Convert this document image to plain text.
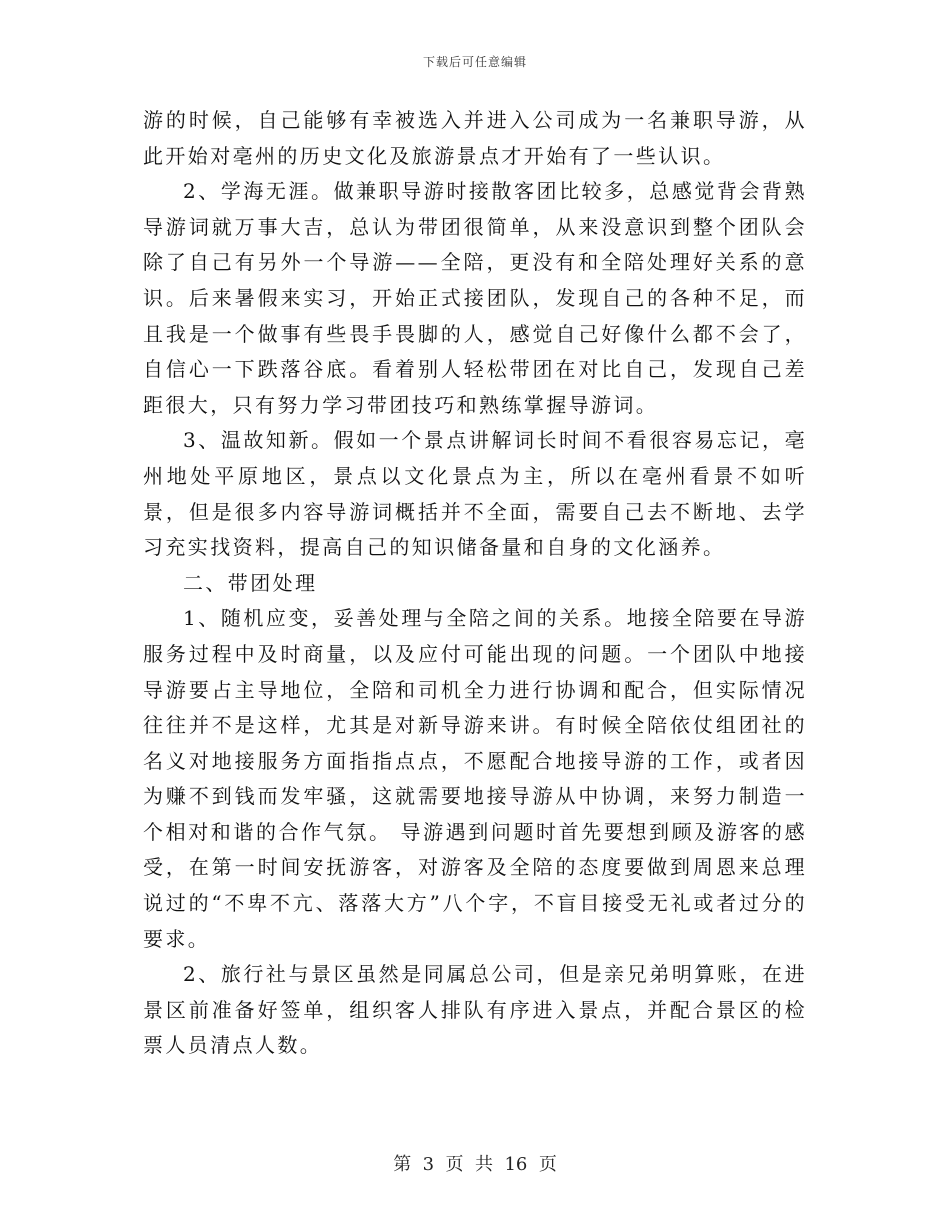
下载后可任意编辑

游的时候，自己能够有幸被选入并进入公司成为一名兼职导游，从此开始对亳州的历史文化及旅游景点才开始有了一些认识。

2、学海无涯。做兼职导游时接散客团比较多，总感觉背会背熟导游词就万事大吉，总认为带团很简单，从来没意识到整个团队会除了自己有另外一个导游——全陪，更没有和全陪处理好关系的意识。后来暑假来实习，开始正式接团队，发现自己的各种不足，而且我是一个做事有些畏手畏脚的人，感觉自己好像什么都不会了，自信心一下跌落谷底。看着别人轻松带团在对比自己，发现自己差距很大，只有努力学习带团技巧和熟练掌握导游词。

3、温故知新。假如一个景点讲解词长时间不看很容易忘记，亳州地处平原地区，景点以文化景点为主，所以在亳州看景不如听景，但是很多内容导游词概括并不全面，需要自己去不断地、去学习充实找资料，提高自己的知识储备量和自身的文化涵养。

二、带团处理

1、随机应变，妥善处理与全陪之间的关系。地接全陪要在导游服务过程中及时商量，以及应付可能出现的问题。一个团队中地接导游要占主导地位，全陪和司机全力进行协调和配合，但实际情况往往并不是这样，尤其是对新导游来讲。有时候全陪依仗组团社的名义对地接服务方面指指点点，不愿配合地接导游的工作，或者因为赚不到钱而发牢骚，这就需要地接导游从中协调，来努力制造一个相对和谐的合作气氛。 导游遇到问题时首先要想到顾及游客的感受，在第一时间安抚游客，对游客及全陪的态度要做到周恩来总理说过的“不卑不亢、落落大方”八个字，不盲目接受无礼或者过分的要求。

2、旅行社与景区虽然是同属总公司，但是亲兄弟明算账，在进景区前准备好签单，组织客人排队有序进入景点，并配合景区的检票人员清点人数。

第 3 页 共 16 页
